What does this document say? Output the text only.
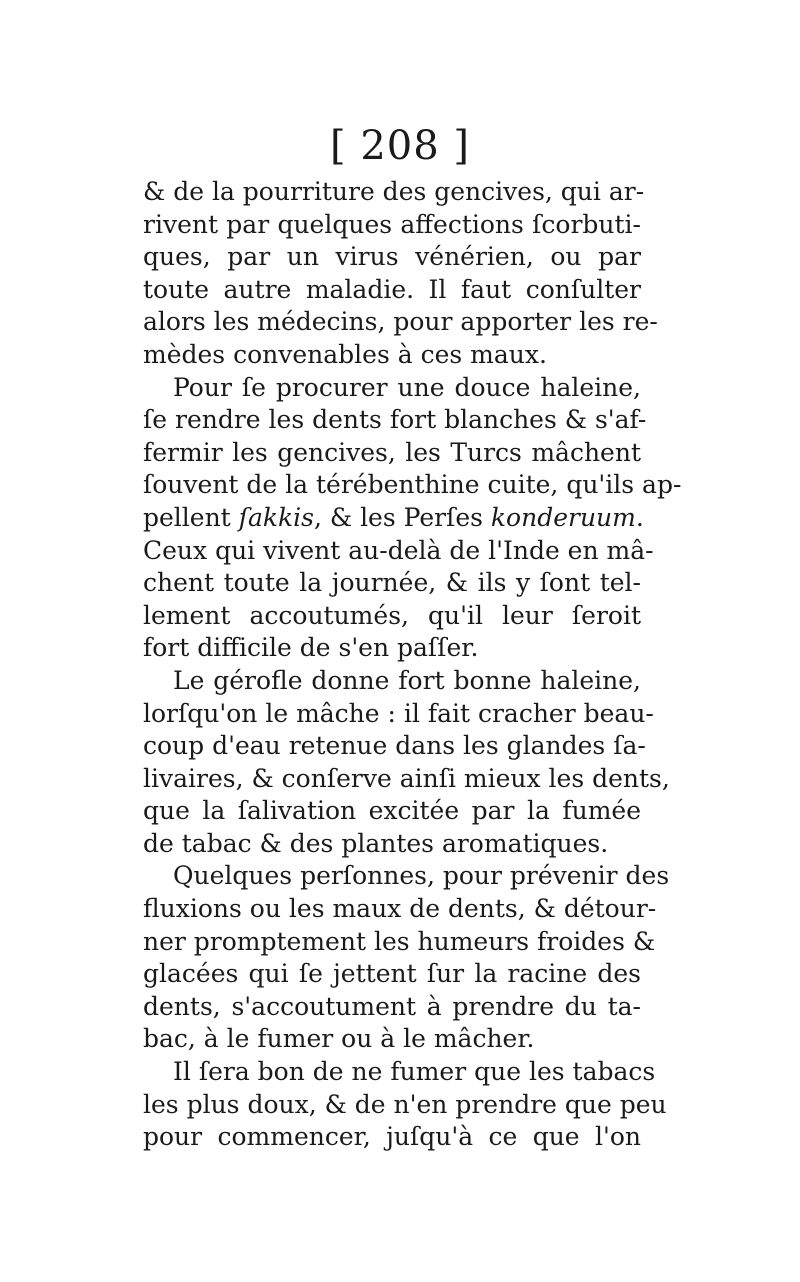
[ 208 ]
& de la pourriture des gencives, qui ar-
rivent par quelques affections ſcorbuti-
ques, par un virus vénérien, ou par
toute autre maladie. Il faut conſulter
alors les médecins, pour apporter les re-
mèdes convenables à ces maux.
Pour ſe procurer une douce haleine,
ſe rendre les dents fort blanches & s'af-
fermir les gencives, les Turcs mâchent
ſouvent de la térébenthine cuite, qu'ils ap-
pellent ſakkis, & les Perſes konderuum.
Ceux qui vivent au-delà de l'Inde en mâ-
chent toute la journée, & ils y ſont tel-
lement accoutumés, qu'il leur ſeroit
fort difficile de s'en paſſer.
Le gérofle donne fort bonne haleine,
lorſqu'on le mâche : il fait cracher beau-
coup d'eau retenue dans les glandes ſa-
livaires, & conſerve ainſi mieux les dents,
que la ſalivation excitée par la fumée
de tabac & des plantes aromatiques.
Quelques perſonnes, pour prévenir des
fluxions ou les maux de dents, & détour-
ner promptement les humeurs froides &
glacées qui ſe jettent ſur la racine des
dents, s'accoutument à prendre du ta-
bac, à le fumer ou à le mâcher.
Il ſera bon de ne fumer que les tabacs
les plus doux, & de n'en prendre que peu
pour commencer, juſqu'à ce que l'on
